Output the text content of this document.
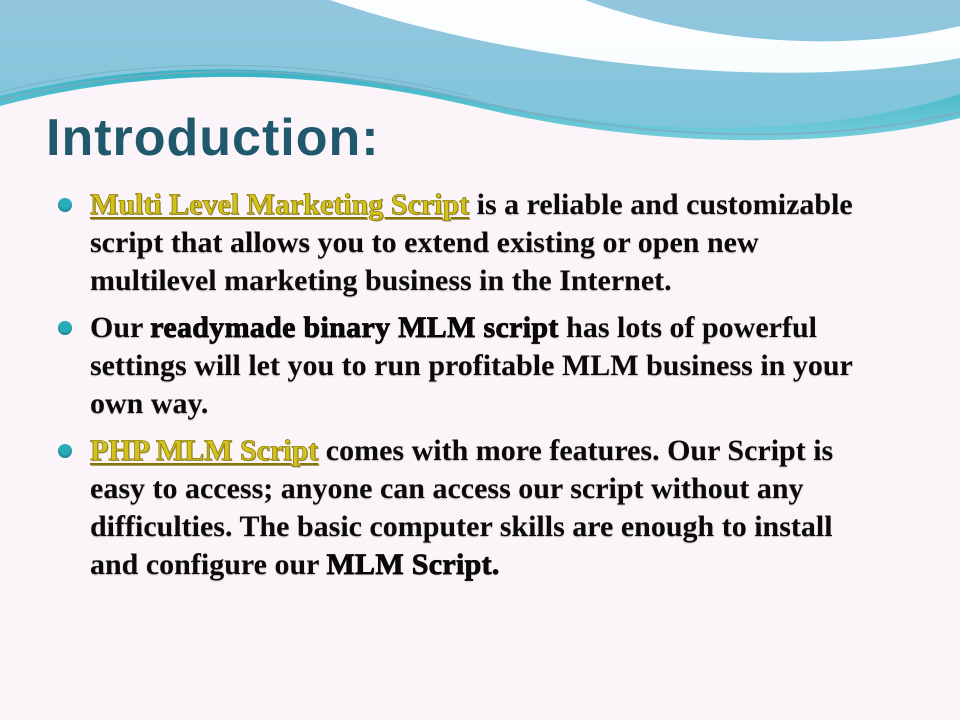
Introduction:
Multi Level Marketing Script is a reliable and customizable script that allows you to extend existing or open new multilevel marketing business in the Internet.
Our readymade binary MLM script has lots of powerful settings will let you to run profitable MLM business in your own way.
PHP MLM Script comes with more features. Our Script is easy to access; anyone can access our script without any difficulties. The basic computer skills are enough to install and configure our MLM Script.
